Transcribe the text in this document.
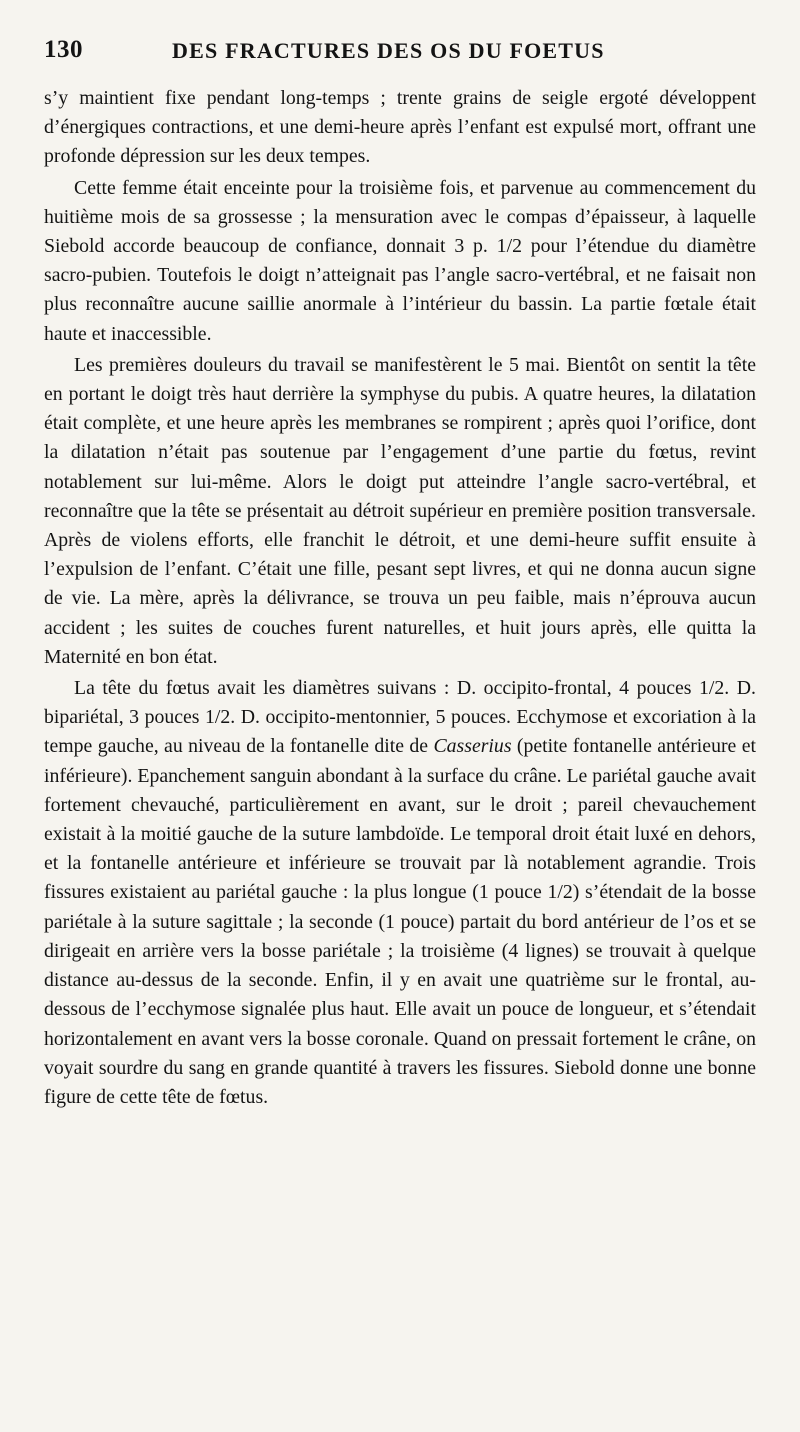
130	DES FRACTURES DES OS DU FOETUS

s’y maintient fixe pendant long-temps ; trente grains de seigle ergoté développent d’énergiques contractions, et une demi-heure après l’enfant est expulsé mort, offrant une profonde dépression sur les deux tempes.

Cette femme était enceinte pour la troisième fois, et parvenue au commencement du huitième mois de sa grossesse ; la mensuration avec le compas d’épaisseur, à laquelle Siebold accorde beaucoup de confiance, donnait 3 p. 1/2 pour l’étendue du diamètre sacro-pubien. Toutefois le doigt n’atteignait pas l’angle sacro-vertébral, et ne faisait non plus reconnaître aucune saillie anormale à l’intérieur du bassin. La partie fœtale était haute et inaccessible.

Les premières douleurs du travail se manifestèrent le 5 mai. Bientôt on sentit la tête en portant le doigt très haut derrière la symphyse du pubis. A quatre heures, la dilatation était complète, et une heure après les membranes se rompirent ; après quoi l’orifice, dont la dilatation n’était pas soutenue par l’engagement d’une partie du fœtus, revint notablement sur lui-même. Alors le doigt put atteindre l’angle sacro-vertébral, et reconnaître que la tête se présentait au détroit supérieur en première position transversale. Après de violens efforts, elle franchit le détroit, et une demi-heure suffit ensuite à l’expulsion de l’enfant. C’était une fille, pesant sept livres, et qui ne donna aucun signe de vie. La mère, après la délivrance, se trouva un peu faible, mais n’éprouva aucun accident ; les suites de couches furent naturelles, et huit jours après, elle quitta la Maternité en bon état.

La tête du fœtus avait les diamètres suivans : D. occipito-frontal, 4 pouces 1/2. D. bipariétal, 3 pouces 1/2. D. occipito-mentonnier, 5 pouces. Ecchymose et excoriation à la tempe gauche, au niveau de la fontanelle dite de Casserius (petite fontanelle antérieure et inférieure). Epanchement sanguin abondant à la surface du crâne. Le pariétal gauche avait fortement chevauché, particulièrement en avant, sur le droit ; pareil chevauchement existait à la moitié gauche de la suture lambdoïde. Le temporal droit était luxé en dehors, et la fontanelle antérieure et inférieure se trouvait par là notablement agrandie. Trois fissures existaient au pariétal gauche : la plus longue (1 pouce 1/2) s’étendait de la bosse pariétale à la suture sagittale ; la seconde (1 pouce) partait du bord antérieur de l’os et se dirigeait en arrière vers la bosse pariétale ; la troisième (4 lignes) se trouvait à quelque distance au-dessus de la seconde. Enfin, il y en avait une quatrième sur le frontal, au-dessous de l’ecchymose signalée plus haut. Elle avait un pouce de longueur, et s’étendait horizontalement en avant vers la bosse coronale. Quand on pressait fortement le crâne, on voyait sourdre du sang en grande quantité à travers les fissures. Siebold donne une bonne figure de cette tête de fœtus.
